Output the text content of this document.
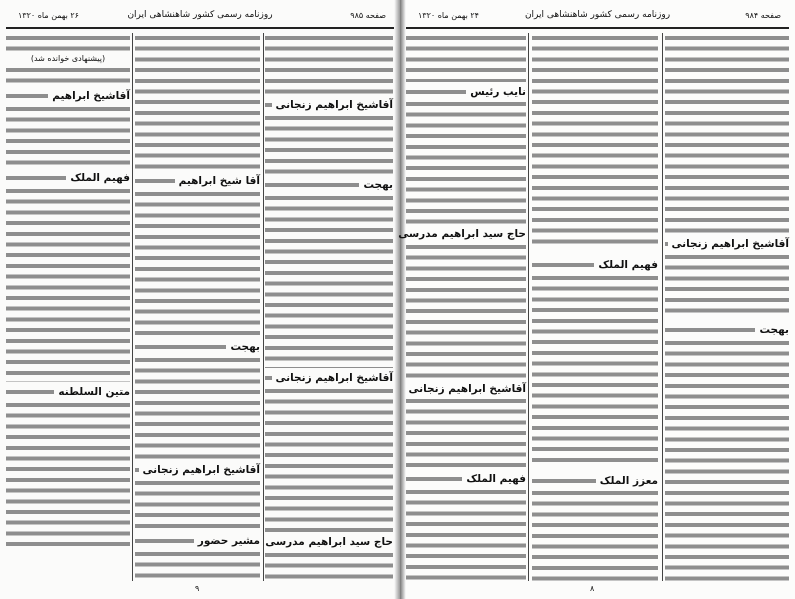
صفحه ۹۸۵
روزنامه رسمی کشور شاهنشاهی ایران
۲۶ بهمن ماه ۱۳۲۰
آقاشیخ ابراهیم زنجانی
بهجت
آقاشیخ ابراهیم زنجانی
حاج سید ابراهیم مدرسی
آقا شیخ ابراهیم
بهجت
آقاشیخ ابراهیم زنجانی
مشیر حضور
(پیشنهادی خوانده شد)
آقاشیخ ابراهیم
فهیم الملک
متین السلطنه
۹
صفحه ۹۸۴
روزنامه رسمی کشور شاهنشاهی ایران
۲۴ بهمن ماه ۱۳۲۰
آقاشیخ ابراهیم زنجانی
بهجت
فهیم الملک
معزز الملک
نایب رئیس
حاج سید ابراهیم مدرسی
آقاشیخ ابراهیم زنجانی
فهیم الملک
۸
